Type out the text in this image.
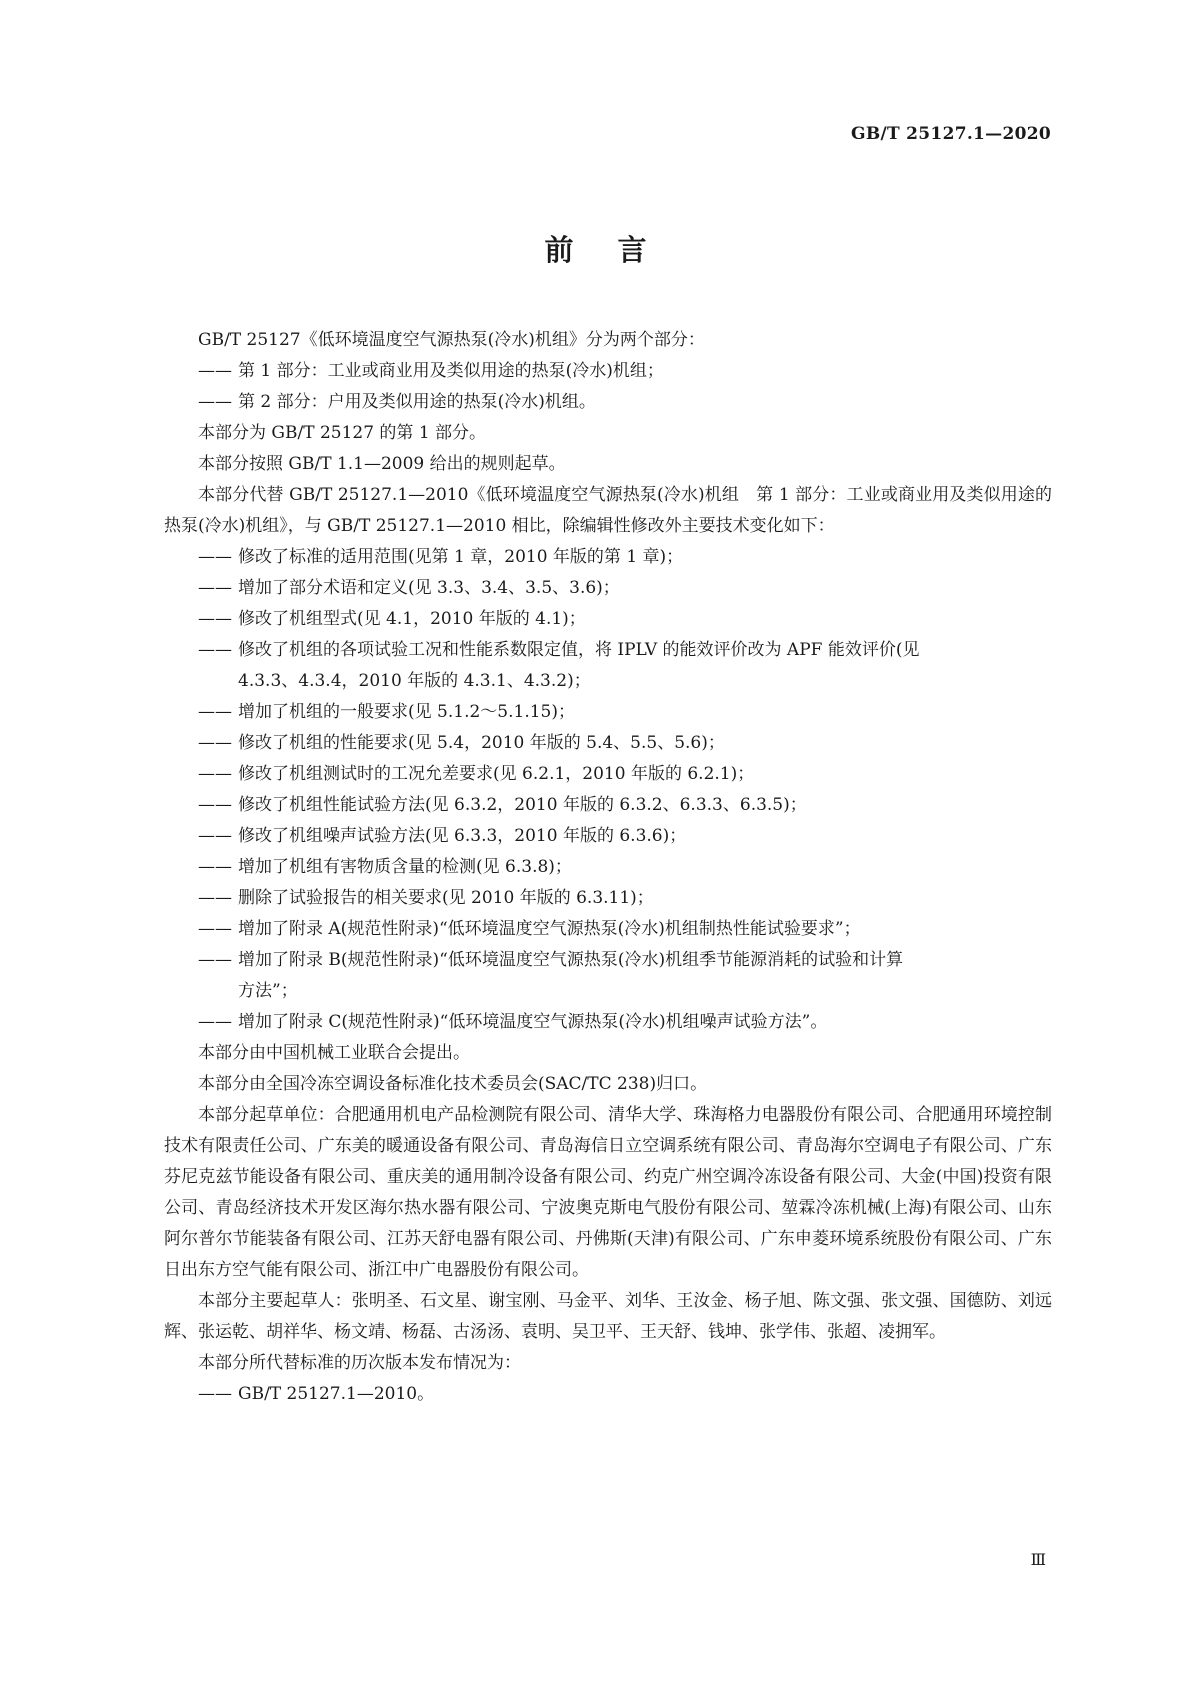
GB/T 25127.1—2020
前言

GB/T 25127《低环境温度空气源热泵(冷水)机组》分为两个部分：

—— 第 1 部分：工业或商业用及类似用途的热泵(冷水)机组；

—— 第 2 部分：户用及类似用途的热泵(冷水)机组。

本部分为 GB/T 25127 的第 1 部分。

本部分按照 GB/T 1.1—2009 给出的规则起草。

本部分代替 GB/T 25127.1—2010《低环境温度空气源热泵(冷水)机组　第 1 部分：工业或商业用及类似用途的热泵(冷水)机组》，与 GB/T 25127.1—2010 相比，除编辑性修改外主要技术变化如下：

—— 修改了标准的适用范围(见第 1 章，2010 年版的第 1 章)；

—— 增加了部分术语和定义(见 3.3、3.4、3.5、3.6)；

—— 修改了机组型式(见 4.1，2010 年版的 4.1)；

—— 修改了机组的各项试验工况和性能系数限定值，将 IPLV 的能效评价改为 APF 能效评价(见
4.3.3、4.3.4，2010 年版的 4.3.1、4.3.2)；

—— 增加了机组的一般要求(见 5.1.2～5.1.15)；

—— 修改了机组的性能要求(见 5.4，2010 年版的 5.4、5.5、5.6)；

—— 修改了机组测试时的工况允差要求(见 6.2.1，2010 年版的 6.2.1)；

—— 修改了机组性能试验方法(见 6.3.2，2010 年版的 6.3.2、6.3.3、6.3.5)；

—— 修改了机组噪声试验方法(见 6.3.3，2010 年版的 6.3.6)；

—— 增加了机组有害物质含量的检测(见 6.3.8)；

—— 删除了试验报告的相关要求(见 2010 年版的 6.3.11)；

—— 增加了附录 A(规范性附录)“低环境温度空气源热泵(冷水)机组制热性能试验要求”；

—— 增加了附录 B(规范性附录)“低环境温度空气源热泵(冷水)机组季节能源消耗的试验和计算
方法”；

—— 增加了附录 C(规范性附录)“低环境温度空气源热泵(冷水)机组噪声试验方法”。

本部分由中国机械工业联合会提出。

本部分由全国冷冻空调设备标准化技术委员会(SAC/TC 238)归口。

本部分起草单位：合肥通用机电产品检测院有限公司、清华大学、珠海格力电器股份有限公司、合肥通用环境控制技术有限责任公司、广东美的暖通设备有限公司、青岛海信日立空调系统有限公司、青岛海尔空调电子有限公司、广东芬尼克兹节能设备有限公司、重庆美的通用制冷设备有限公司、约克广州空调冷冻设备有限公司、大金(中国)投资有限公司、青岛经济技术开发区海尔热水器有限公司、宁波奥克斯电气股份有限公司、堃霖冷冻机械(上海)有限公司、山东阿尔普尔节能装备有限公司、江苏天舒电器有限公司、丹佛斯(天津)有限公司、广东申菱环境系统股份有限公司、广东日出东方空气能有限公司、浙江中广电器股份有限公司。

本部分主要起草人：张明圣、石文星、谢宝刚、马金平、刘华、王汝金、杨子旭、陈文强、张文强、国德防、刘远辉、张运乾、胡祥华、杨文靖、杨磊、古汤汤、袁明、吴卫平、王天舒、钱坤、张学伟、张超、凌拥军。

本部分所代替标准的历次版本发布情况为：

—— GB/T 25127.1—2010。

Ⅲ
